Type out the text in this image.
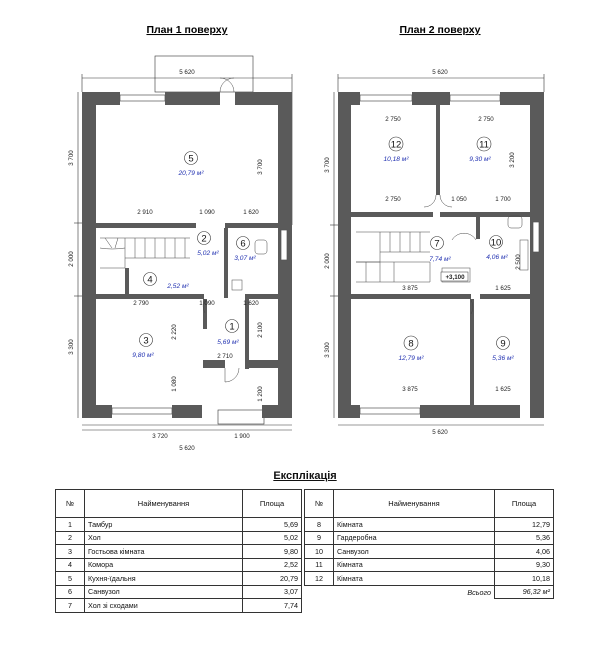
План 1 поверху
5 620
3 720	1 900
5 620
3 700
2 000
3 300
3 700
2 910	1 090	1 620
2 790	1 090	1 620
2 220	2 100
2 710
1 080
1 200
5
20,79 м²
2
5,02 м²
6
3,07 м²
4
2,52 м²
3
9,80 м²
1
5,69 м²
План 2 поверху
5 620
5 620
2 750	2 750
2 750	1 050	1 700
3 700
2 000
3 300
3 200
3 875	1 625
2 500
3 875	1 625
+3,100
12
10,18 м²
11
9,30 м²
7
7,74 м²
10
4,06 м²
8
12,79 м²
9
5,36 м²
Експлікація
№	Найменування	Площа
1	Тамбур	5,69
2	Хол	5,02
3	Гостьова кімната	9,80
4	Комора	2,52
5	Кухня-їдальня	20,79
6	Санвузол	3,07
7	Хол зі сходами	7,74
№	Найменування	Площа
8	Кімната	12,79
9	Гардеробна	5,36
10	Санвузол	4,06
11	Кімната	9,30
12	Кімната	10,18
Всього		96,32 м²
